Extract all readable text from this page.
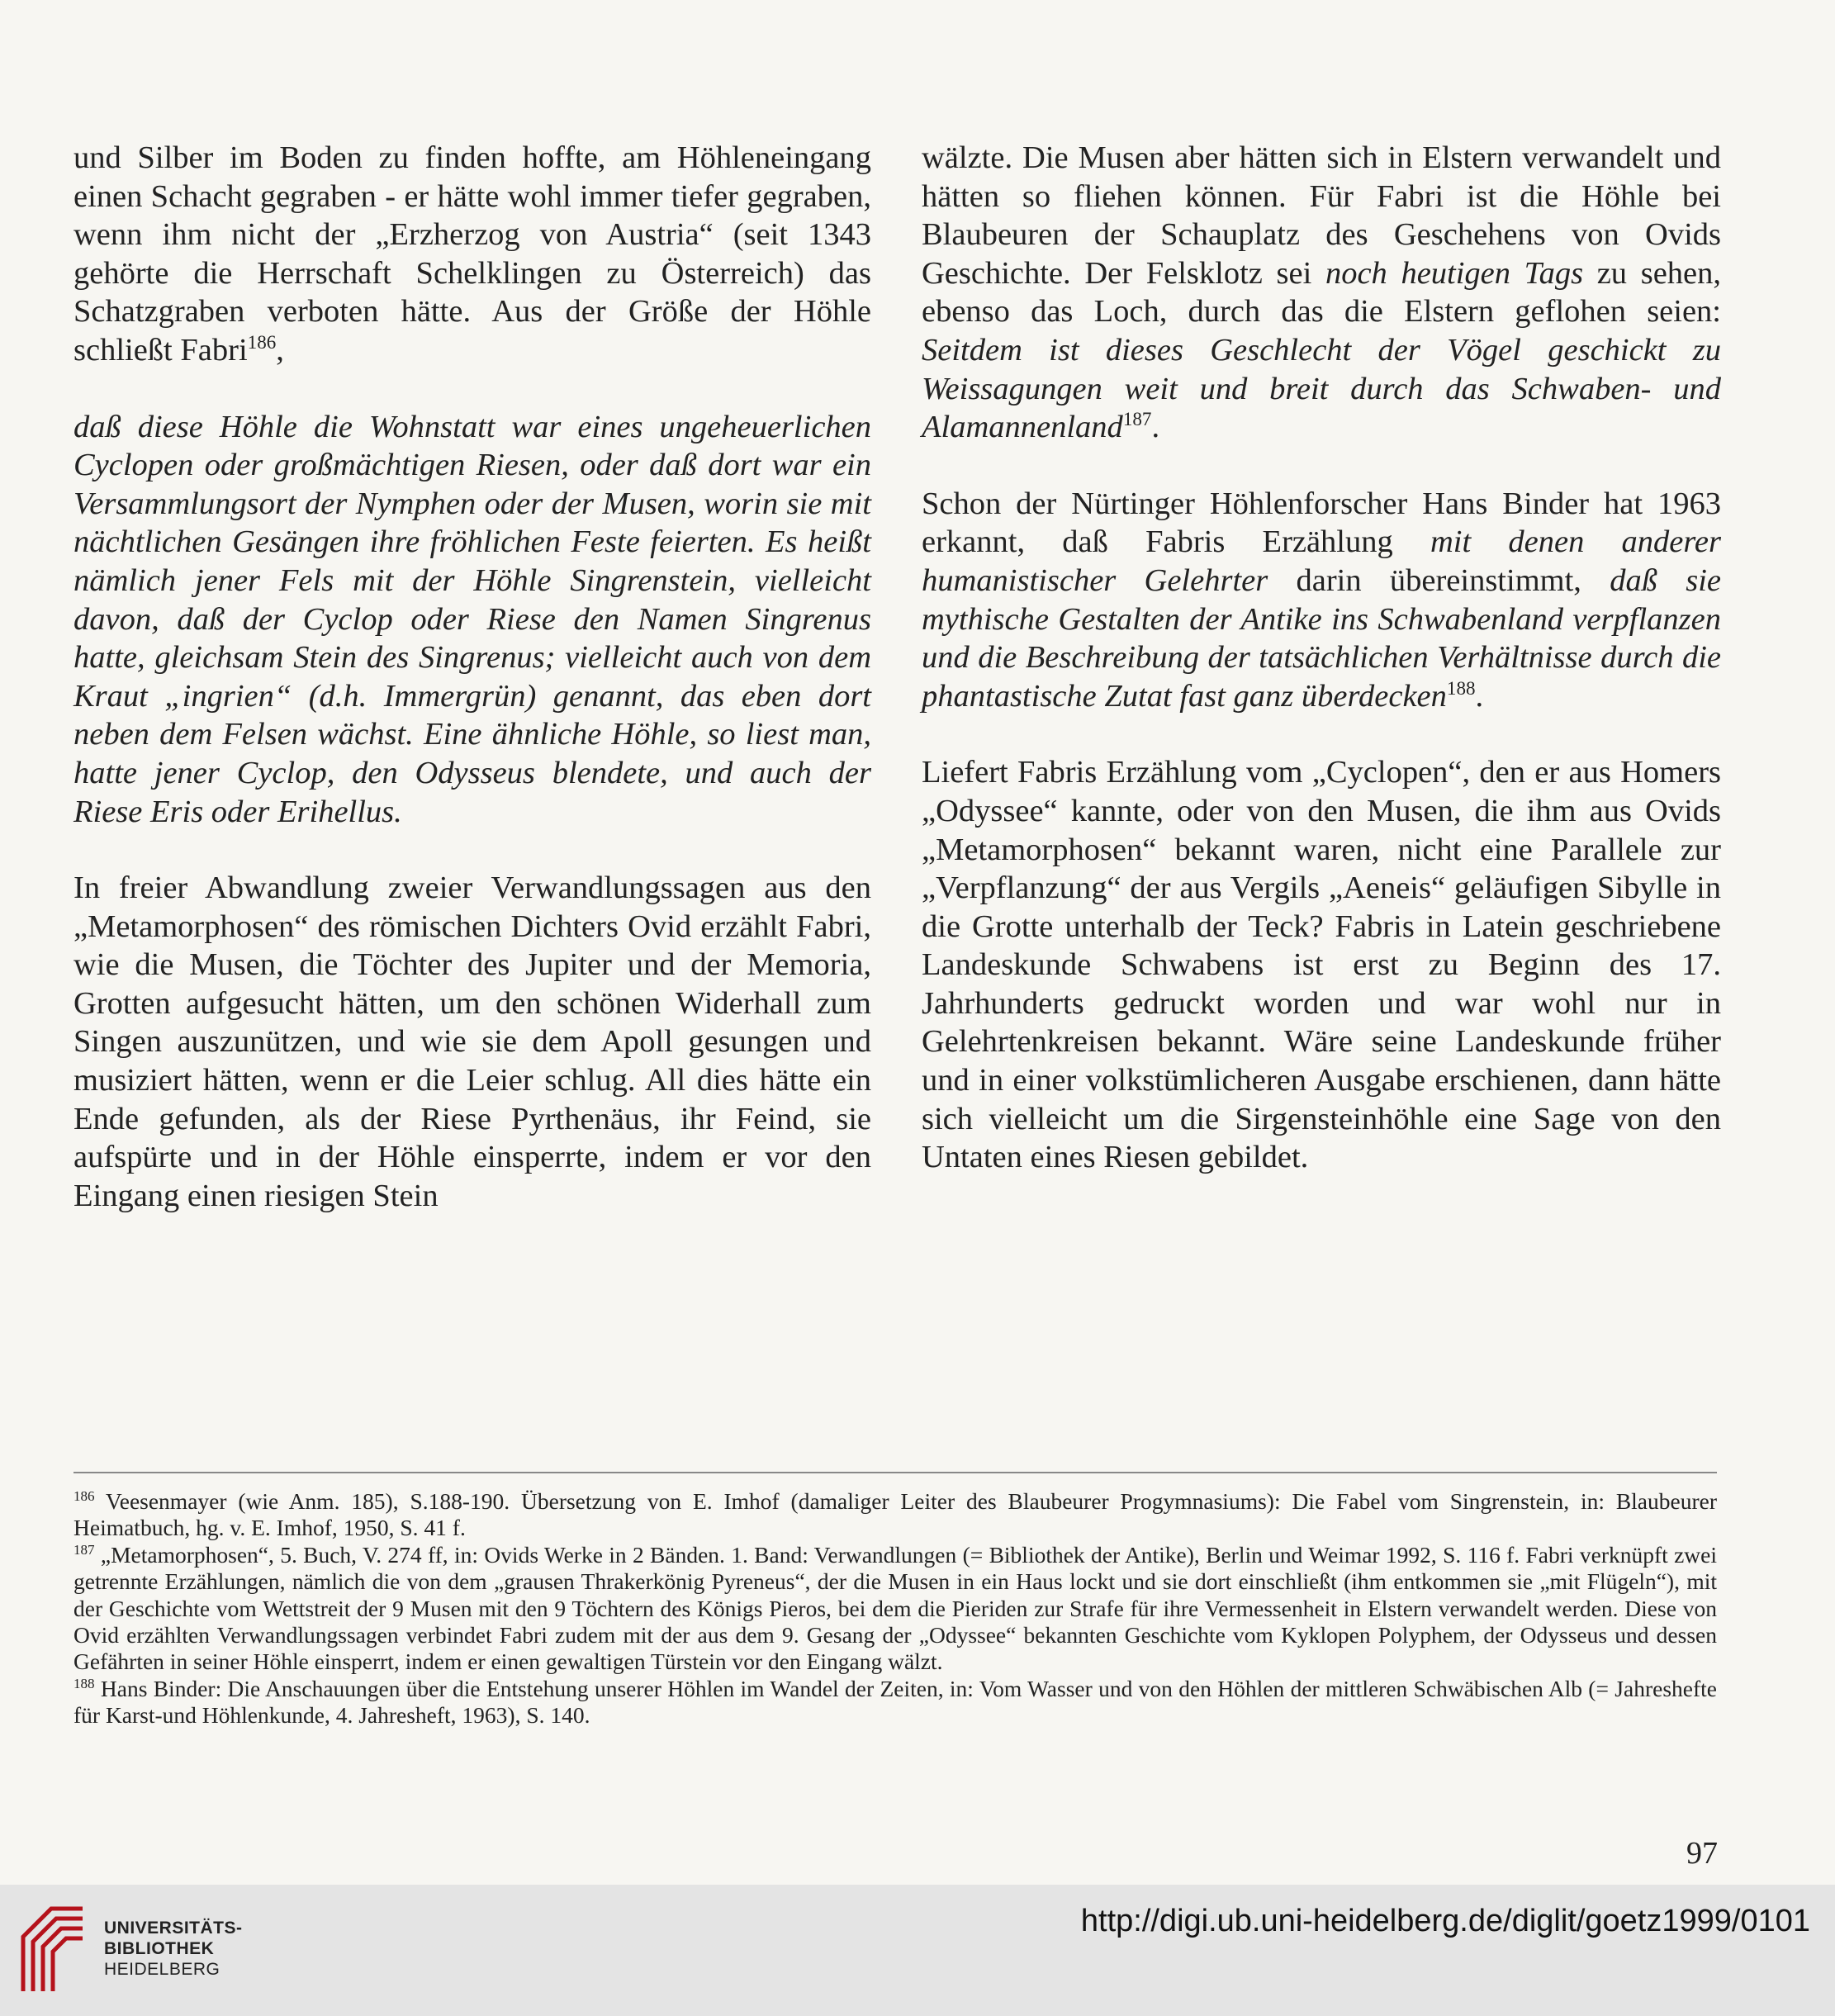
und Silber im Boden zu finden hoffte, am Höhleneingang einen Schacht gegraben - er hätte wohl immer tiefer gegraben, wenn ihm nicht der „Erzherzog von Austria“ (seit 1343 gehörte die Herrschaft Schelklingen zu Österreich) das Schatzgraben verboten hätte. Aus der Größe der Höhle schließt Fabri$^{186}$,

daß diese Höhle die Wohnstatt war eines ungeheuerlichen Cyclopen oder großmächtigen Riesen, oder daß dort war ein Versammlungsort der Nymphen oder der Musen, worin sie mit nächtlichen Gesängen ihre fröhlichen Feste feierten. Es heißt nämlich jener Fels mit der Höhle Singrenstein, vielleicht davon, daß der Cyclop oder Riese den Namen Singrenus hatte, gleichsam Stein des Singrenus; vielleicht auch von dem Kraut „ingrien“ (d.h. Immergrün) genannt, das eben dort neben dem Felsen wächst. Eine ähnliche Höhle, so liest man, hatte jener Cyclop, den Odysseus blendete, und auch der Riese Eris oder Erihellus.

In freier Abwandlung zweier Verwandlungssagen aus den „Metamorphosen“ des römischen Dichters Ovid erzählt Fabri, wie die Musen, die Töchter des Jupiter und der Memoria, Grotten aufgesucht hätten, um den schönen Widerhall zum Singen auszunützen, und wie sie dem Apoll gesungen und musiziert hätten, wenn er die Leier schlug. All dies hätte ein Ende gefunden, als der Riese Pyrthenäus, ihr Feind, sie aufspürte und in der Höhle einsperrte, indem er vor den Eingang einen riesigen Stein

wälzte. Die Musen aber hätten sich in Elstern verwandelt und hätten so fliehen können. Für Fabri ist die Höhle bei Blaubeuren der Schauplatz des Geschehens von Ovids Geschichte. Der Felsklotz sei noch heutigen Tags zu sehen, ebenso das Loch, durch das die Elstern geflohen seien: Seitdem ist dieses Geschlecht der Vögel geschickt zu Weissagungen weit und breit durch das Schwaben- und Alamannenland$^{187}$.

Schon der Nürtinger Höhlenforscher Hans Binder hat 1963 erkannt, daß Fabris Erzählung mit denen anderer humanistischer Gelehrter darin übereinstimmt, daß sie mythische Gestalten der Antike ins Schwabenland verpflanzen und die Beschreibung der tatsächlichen Verhältnisse durch die phantastische Zutat fast ganz überdecken$^{188}$.

Liefert Fabris Erzählung vom „Cyclopen“, den er aus Homers „Odyssee“ kannte, oder von den Musen, die ihm aus Ovids „Metamorphosen“ bekannt waren, nicht eine Parallele zur „Verpflanzung“ der aus Vergils „Aeneis“ geläufigen Sibylle in die Grotte unterhalb der Teck? Fabris in Latein geschriebene Landeskunde Schwabens ist erst zu Beginn des 17. Jahrhunderts gedruckt worden und war wohl nur in Gelehrtenkreisen bekannt. Wäre seine Landeskunde früher und in einer volkstümlicheren Ausgabe erschienen, dann hätte sich vielleicht um die Sirgensteinhöhle eine Sage von den Untaten eines Riesen gebildet.

$^{186}$ Veesenmayer (wie Anm. 185), S.188-190. Übersetzung von E. Imhof (damaliger Leiter des Blaubeurer Progymnasiums): Die Fabel vom Singrenstein, in: Blaubeurer Heimatbuch, hg. v. E. Imhof, 1950, S. 41 f.

$^{187}$ „Metamorphosen“, 5. Buch, V. 274 ff, in: Ovids Werke in 2 Bänden. 1. Band: Verwandlungen (= Bibliothek der Antike), Berlin und Weimar 1992, S. 116 f. Fabri verknüpft zwei getrennte Erzählungen, nämlich die von dem „grausen Thrakerkönig Pyreneus“, der die Musen in ein Haus lockt und sie dort einschließt (ihm entkommen sie „mit Flügeln“), mit der Geschichte vom Wettstreit der 9 Musen mit den 9 Töchtern des Königs Pieros, bei dem die Pieriden zur Strafe für ihre Vermessenheit in Elstern verwandelt werden. Diese von Ovid erzählten Verwandlungssagen verbindet Fabri zudem mit der aus dem 9. Gesang der „Odyssee“ bekannten Geschichte vom Kyklopen Polyphem, der Odysseus und dessen Gefährten in seiner Höhle einsperrt, indem er einen gewaltigen Türstein vor den Eingang wälzt.

$^{188}$ Hans Binder: Die Anschauungen über die Entstehung unserer Höhlen im Wandel der Zeiten, in: Vom Wasser und von den Höhlen der mittleren Schwäbischen Alb (= Jahreshefte für Karst-und Höhlenkunde, 4. Jahresheft, 1963), S. 140.

97
UNIVERSITÄTS-
BIBLIOTHEK
HEIDELBERG
http://digi.ub.uni-heidelberg.de/diglit/goetz1999/0101
